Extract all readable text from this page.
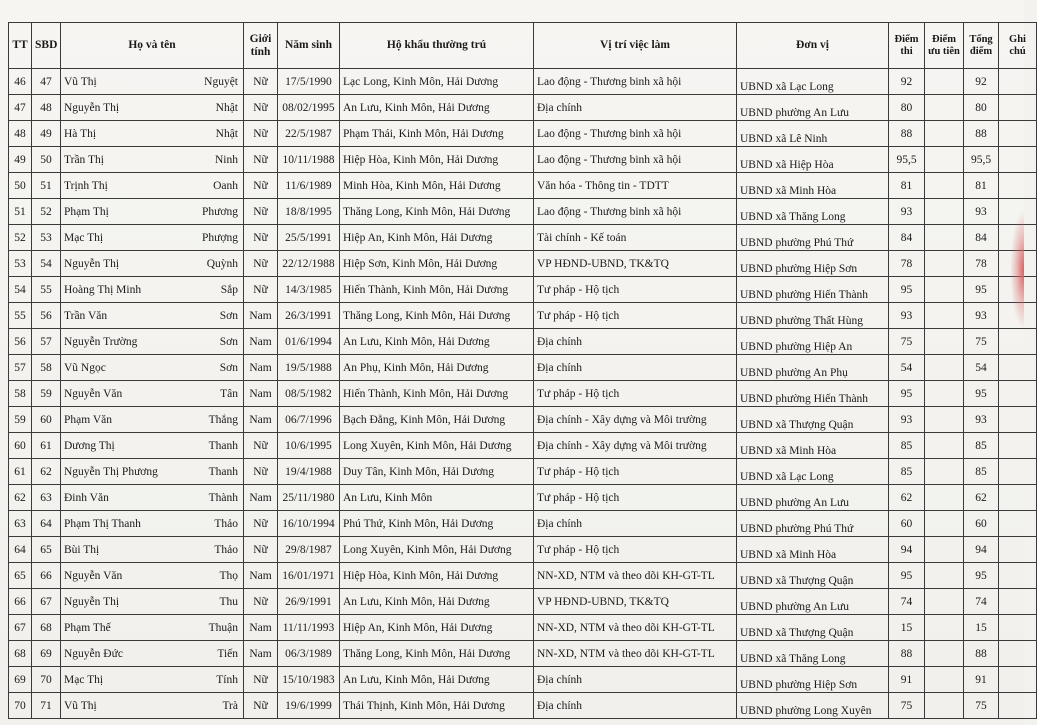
TT	SBD	Họ và tên	Giới tính	Năm sinh	Hộ khẩu thường trú	Vị trí việc làm	Đơn vị	Điểm thi	Điểm ưu tiên	Tổng điểm	Ghi chú
46	47	Vũ Thị Nguyệt	Nữ	17/5/1990	Lạc Long, Kinh Môn, Hải Dương	Lao động - Thương binh xã hội	UBND xã Lạc Long	92		92	
47	48	Nguyễn Thị Nhật	Nữ	08/02/1995	An Lưu, Kinh Môn, Hải Dương	Địa chính	UBND phường An Lưu	80		80	
48	49	Hà Thị Nhật	Nữ	22/5/1987	Phạm Thái, Kinh Môn, Hải Dương	Lao động - Thương binh xã hội	UBND xã Lê Ninh	88		88	
49	50	Trần Thị Ninh	Nữ	10/11/1988	Hiệp Hòa, Kinh Môn, Hải Dương	Lao động - Thương binh xã hội	UBND xã Hiệp Hòa	95,5		95,5	
50	51	Trịnh Thị Oanh	Nữ	11/6/1989	Minh Hòa, Kinh Môn, Hải Dương	Văn hóa - Thông tin - TDTT	UBND xã Minh Hòa	81		81	
51	52	Phạm Thị Phương	Nữ	18/8/1995	Thăng Long, Kinh Môn, Hải Dương	Lao động - Thương binh xã hội	UBND xã Thăng Long	93		93	
52	53	Mạc Thị Phượng	Nữ	25/5/1991	Hiệp An, Kinh Môn, Hải Dương	Tài chính - Kế toán	UBND phường Phú Thứ	84		84	
53	54	Nguyễn Thị Quỳnh	Nữ	22/12/1988	Hiệp Sơn, Kinh Môn, Hải Dương	VP HĐND-UBND, TK&TQ	UBND phường Hiệp Sơn	78		78	
54	55	Hoàng Thị Minh Sắp	Nữ	14/3/1985	Hiến Thành, Kinh Môn, Hải Dương	Tư pháp - Hộ tịch	UBND phường Hiến Thành	95		95	
55	56	Trần Văn Sơn	Nam	26/3/1991	Thăng Long, Kinh Môn, Hải Dương	Tư pháp - Hộ tịch	UBND phường Thất Hùng	93		93	
56	57	Nguyễn Trường Sơn	Nam	01/6/1994	An Lưu, Kinh Môn, Hải Dương	Địa chính	UBND phường Hiệp An	75		75	
57	58	Vũ Ngọc Sơn	Nam	19/5/1988	An Phụ, Kinh Môn, Hải Dương	Địa chính	UBND phường An Phụ	54		54	
58	59	Nguyễn Văn Tân	Nam	08/5/1982	Hiến Thành, Kinh Môn, Hải Dương	Tư pháp - Hộ tịch	UBND phường Hiến Thành	95		95	
59	60	Phạm Văn Thắng	Nam	06/7/1996	Bạch Đằng, Kinh Môn, Hải Dương	Địa chính - Xây dựng và Môi trường	UBND xã Thượng Quận	93		93	
60	61	Dương Thị Thanh	Nữ	10/6/1995	Long Xuyên, Kinh Môn, Hải Dương	Địa chính - Xây dựng và Môi trường	UBND xã Minh Hòa	85		85	
61	62	Nguyễn Thị Phương Thanh	Nữ	19/4/1988	Duy Tân, Kinh Môn, Hải Dương	Tư pháp - Hộ tịch	UBND xã Lạc Long	85		85	
62	63	Đinh Văn Thành	Nam	25/11/1980	An Lưu, Kinh Môn	Tư pháp - Hộ tịch	UBND phường An Lưu	62		62	
63	64	Phạm Thị Thanh Thảo	Nữ	16/10/1994	Phú Thứ, Kinh Môn, Hải Dương	Địa chính	UBND phường Phú Thứ	60		60	
64	65	Bùi Thị Thảo	Nữ	29/8/1987	Long Xuyên, Kinh Môn, Hải Dương	Tư pháp - Hộ tịch	UBND xã Minh Hòa	94		94	
65	66	Nguyễn Văn Thọ	Nam	16/01/1971	Hiệp Hòa, Kinh Môn, Hải Dương	NN-XD, NTM và theo dõi KH-GT-TL	UBND xã Thượng Quận	95		95	
66	67	Nguyễn Thị Thu	Nữ	26/9/1991	An Lưu, Kinh Môn, Hải Dương	VP HĐND-UBND, TK&TQ	UBND phường An Lưu	74		74	
67	68	Phạm Thế Thuận	Nam	11/11/1993	Hiệp An, Kinh Môn, Hải Dương	NN-XD, NTM và theo dõi KH-GT-TL	UBND xã Thượng Quận	15		15	
68	69	Nguyễn Đức Tiến	Nam	06/3/1989	Thăng Long, Kinh Môn, Hải Dương	NN-XD, NTM và theo dõi KH-GT-TL	UBND xã Thăng Long	88		88	
69	70	Mạc Thị Tính	Nữ	15/10/1983	An Lưu, Kinh Môn, Hải Dương	Địa chính	UBND phường Hiệp Sơn	91		91	
70	71	Vũ Thị Trà	Nữ	19/6/1999	Thái Thịnh, Kinh Môn, Hải Dương	Địa chính	UBND phường Long Xuyên	75		75	
